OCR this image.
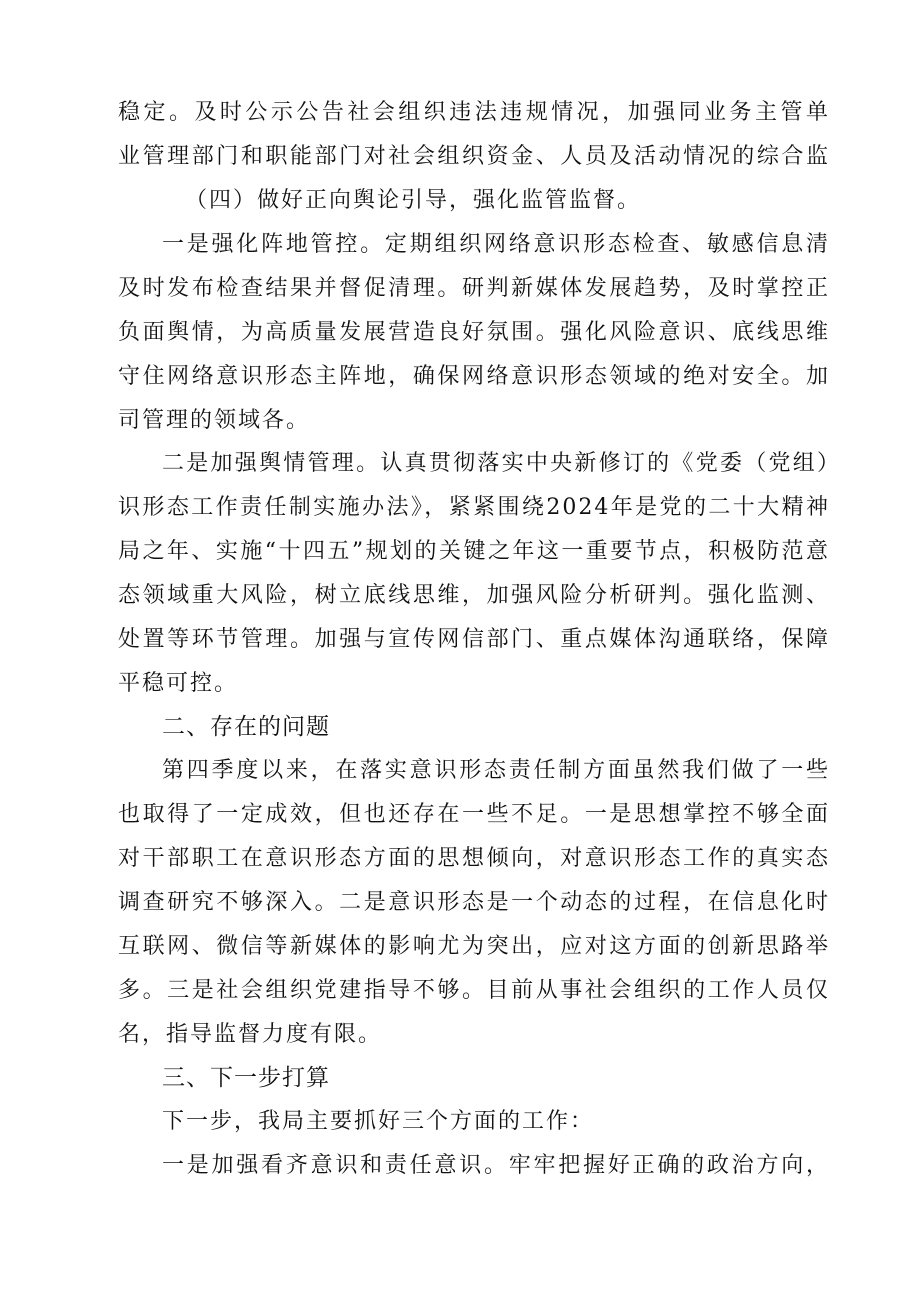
稳定。及时公示公告社会组织违法违规情况，加强同业务主管单
业管理部门和职能部门对社会组织资金、人员及活动情况的综合监
（四）做好正向舆论引导，强化监管监督。
一是强化阵地管控。定期组织网络意识形态检查、敏感信息清
及时发布检查结果并督促清理。研判新媒体发展趋势，及时掌控正
负面舆情，为高质量发展营造良好氛围。强化风险意识、底线思维
守住网络意识形态主阵地，确保网络意识形态领域的绝对安全。加
司管理的领域各。
二是加强舆情管理。认真贯彻落实中央新修订的《党委（党组）
识形态工作责任制实施办法》，紧紧围绕2024年是党的二十大精神
局之年、实施“十四五”规划的关键之年这一重要节点，积极防范意
态领域重大风险，树立底线思维，加强风险分析研判。强化监测、
处置等环节管理。加强与宣传网信部门、重点媒体沟通联络，保障
平稳可控。
二、存在的问题
第四季度以来，在落实意识形态责任制方面虽然我们做了一些
也取得了一定成效，但也还存在一些不足。一是思想掌控不够全面
对干部职工在意识形态方面的思想倾向，对意识形态工作的真实态
调查研究不够深入。二是意识形态是一个动态的过程，在信息化时
互联网、微信等新媒体的影响尤为突出，应对这方面的创新思路举
多。三是社会组织党建指导不够。目前从事社会组织的工作人员仅
名，指导监督力度有限。
三、下一步打算
下一步，我局主要抓好三个方面的工作：
一是加强看齐意识和责任意识。牢牢把握好正确的政治方向，
